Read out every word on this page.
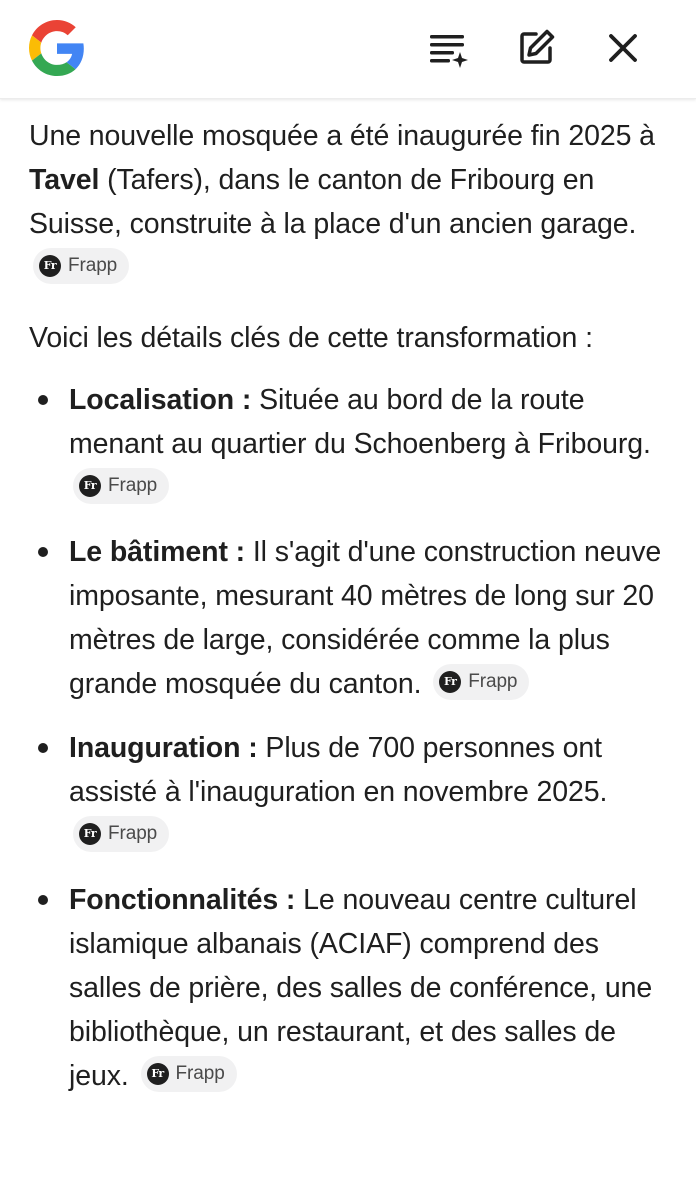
Une nouvelle mosquée a été inaugurée fin 2025 à Tavel (Tafers), dans le canton de Fribourg en Suisse, construite à la place d'un ancien garage.
Fr Frapp

Voici les détails clés de cette transformation :

Localisation : Située au bord de la route menant au quartier du Schoenberg à Fribourg.
Fr Frapp
Le bâtiment : Il s'agit d'une construction neuve imposante, mesurant 40 mètres de long sur 20 mètres de large, considérée comme la plus grande mosquée du canton.	Fr Frapp
Inauguration : Plus de 700 personnes ont assisté à l'inauguration en novembre 2025.
Fr Frapp
Fonctionnalités : Le nouveau centre culturel islamique albanais (ACIAF) comprend des salles de prière, des salles de conférence, une bibliothèque, un restaurant, et des salles de jeux.	Fr Frapp
